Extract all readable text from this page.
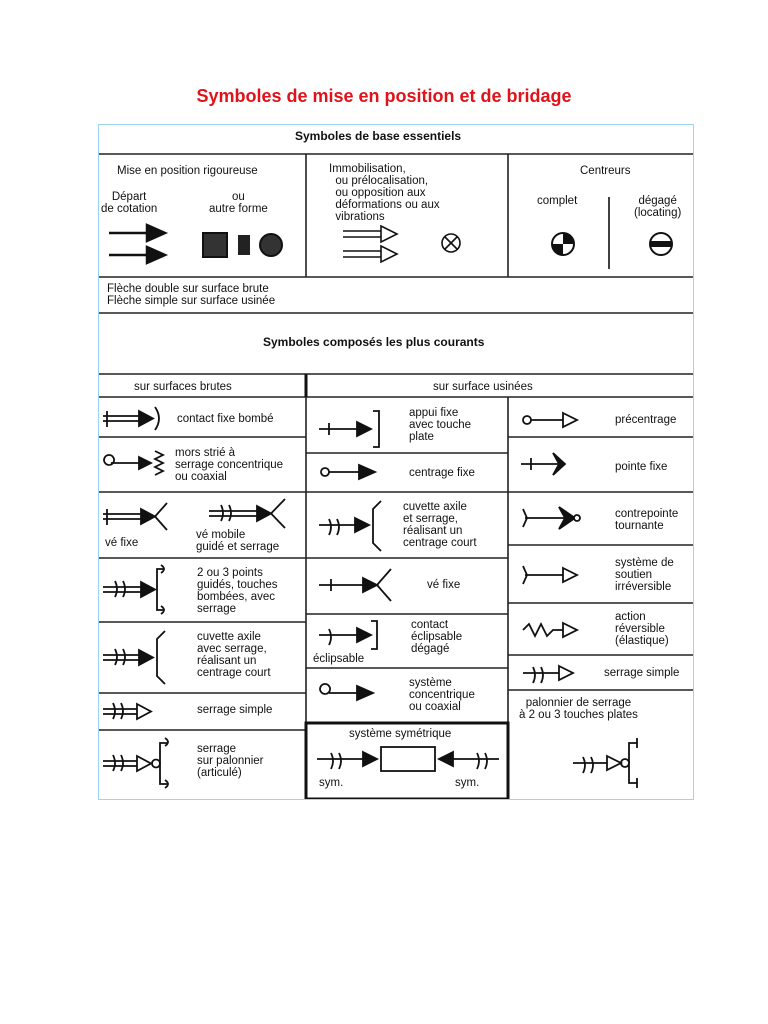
Symboles de mise en position et de bridage
Symboles de base essentiels
Mise en position rigoureuse
Départ
de cotation
ou
autre forme
Immobilisation,
ou prélocalisation,
ou opposition aux
déformations ou aux
vibrations
Centreurs
complet	dégagé
(locating)
Flèche double sur surface brute
Flèche simple sur surface usinée
Symboles composés les plus courants
sur surfaces brutes	sur surface usinées
contact fixe bombé
mors strié à
serrage concentrique
ou coaxial
vé fixe
vé mobile
guidé et serrage
2 ou 3 points
guidés, touches
bombées, avec
serrage
cuvette axile
avec serrage,
réalisant un
centrage court
serrage simple
serrage
sur palonnier
(articulé)
appui fixe
avec touche
plate
centrage fixe
cuvette axile
et serrage,
réalisant un
centrage court
vé fixe
éclipsable
contact
éclipsable
dégagé
système
concentrique
ou coaxial
système symétrique
sym.	sym.
précentrage
pointe fixe
contrepointe
tournante
système de
soutien
irréversible
action
réversible
(élastique)
serrage simple
palonnier de serrage
à 2 ou 3 touches plates
